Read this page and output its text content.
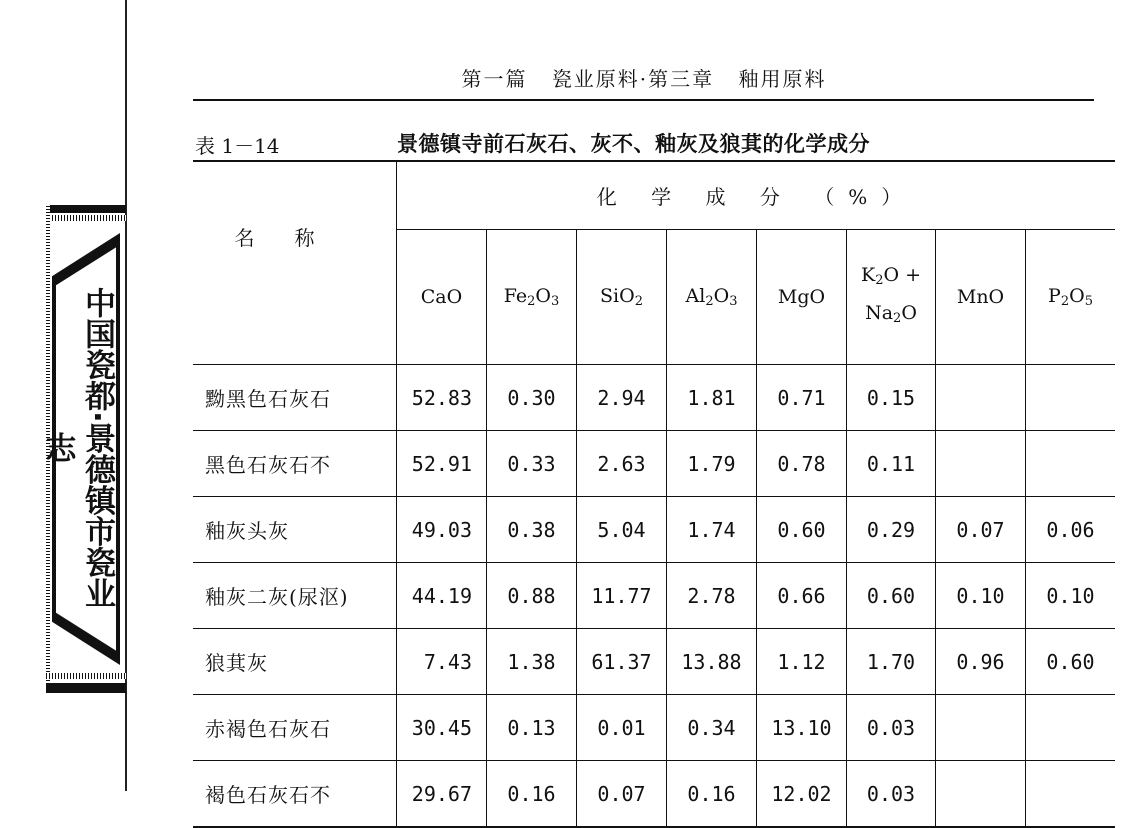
中国瓷都·景德镇市瓷业志
第一篇 瓷业原料·第三章 釉用原料
表 1－14	景德镇寺前石灰石、灰不、釉灰及狼萁的化学成分
名称	化 学 成 分 （%）							
	CaO	$Fe_2O_3$	SiO$_2$	$Al_2O_3$	MgO	$K_2O$ +
$Na_2O$	MnO	$P_2O_5$
黝黑色石灰石	52.83	0.30	2.94	1.81	0.71	0.15		
黑色石灰石不	52.91	0.33	2.63	1.79	0.78	0.11		
釉灰头灰	49.03	0.38	5.04	1.74	0.60	0.29	0.07	0.06
釉灰二灰(尿沤)	44.19	0.88	11.77	2.78	0.66	0.60	0.10	0.10
狼萁灰	7.43	1.38	61.37	13.88	1.12	1.70	0.96	0.60
赤褐色石灰石	30.45	0.13	0.01	0.34	13.10	0.03		
褐色石灰石不	29.67	0.16	0.07	0.16	12.02	0.03		
